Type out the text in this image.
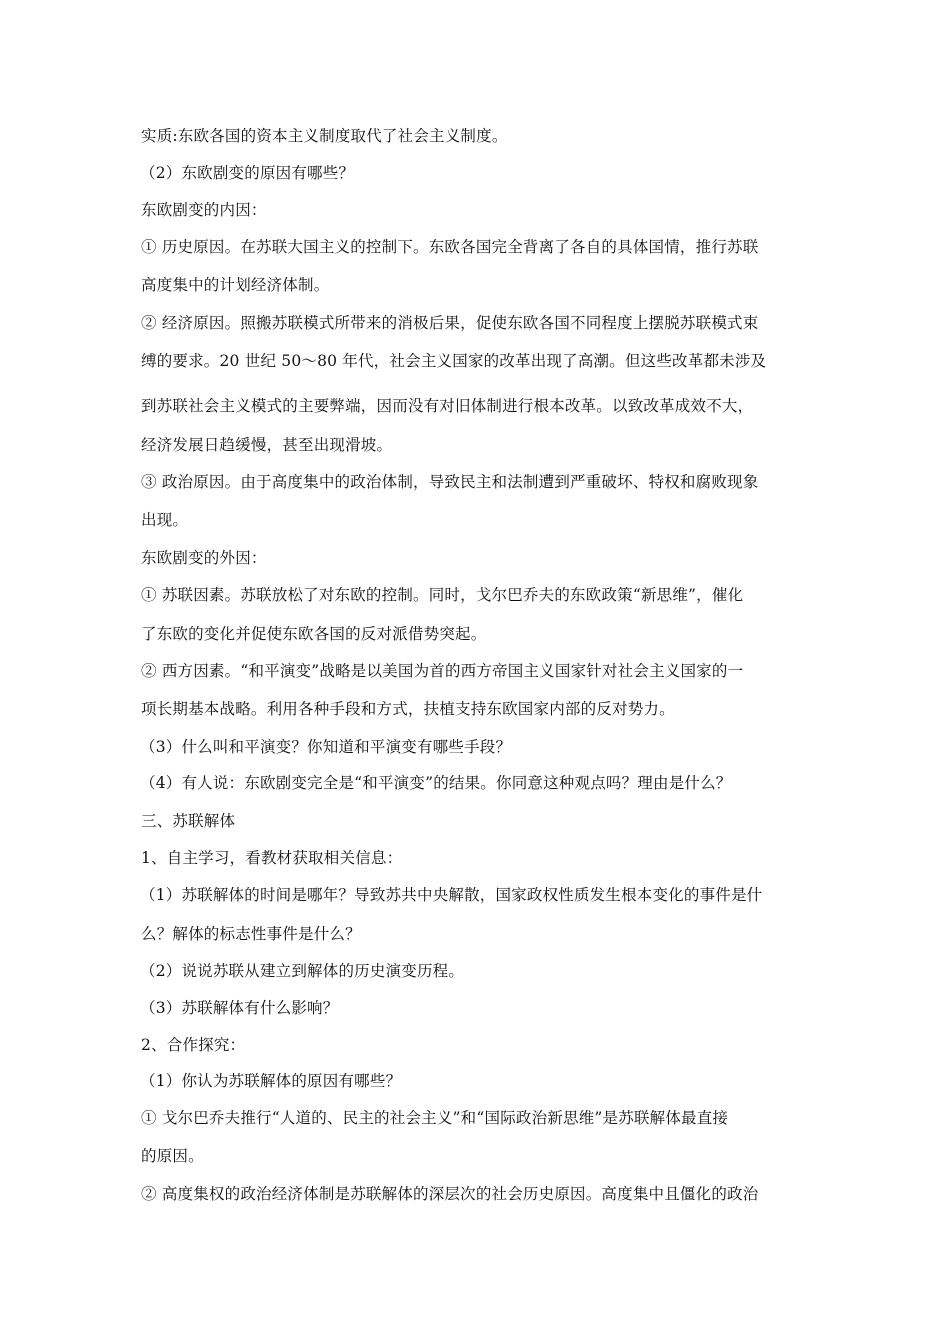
实质:东欧各国的资本主义制度取代了社会主义制度。
（2）东欧剧变的原因有哪些？
东欧剧变的内因：
① 历史原因。在苏联大国主义的控制下。东欧各国完全背离了各自的具体国情，推行苏联
高度集中的计划经济体制。
② 经济原因。照搬苏联模式所带来的消极后果，促使东欧各国不同程度上摆脱苏联模式束
缚的要求。20 世纪 50～80 年代，社会主义国家的改革出现了高潮。但这些改革都未涉及
到苏联社会主义模式的主要弊端，因而没有对旧体制进行根本改革。以致改革成效不大，
经济发展日趋缓慢，甚至出现滑坡。
③ 政治原因。由于高度集中的政治体制，导致民主和法制遭到严重破坏、特权和腐败现象
出现。
东欧剧变的外因：
① 苏联因素。苏联放松了对东欧的控制。同时，戈尔巴乔夫的东欧政策“新思维”，催化
了东欧的变化并促使东欧各国的反对派借势突起。
② 西方因素。“和平演变”战略是以美国为首的西方帝国主义国家针对社会主义国家的一
项长期基本战略。利用各种手段和方式，扶植支持东欧国家内部的反对势力。
（3）什么叫和平演变？你知道和平演变有哪些手段？
（4）有人说：东欧剧变完全是“和平演变”的结果。你同意这种观点吗？理由是什么？
三、苏联解体
1、自主学习，看教材获取相关信息：
（1）苏联解体的时间是哪年？导致苏共中央解散，国家政权性质发生根本变化的事件是什
么？解体的标志性事件是什么？
（2）说说苏联从建立到解体的历史演变历程。
（3）苏联解体有什么影响？
2、合作探究：
（1）你认为苏联解体的原因有哪些？
① 戈尔巴乔夫推行“人道的、民主的社会主义”和“国际政治新思维”是苏联解体最直接
的原因。
② 高度集权的政治经济体制是苏联解体的深层次的社会历史原因。高度集中且僵化的政治
